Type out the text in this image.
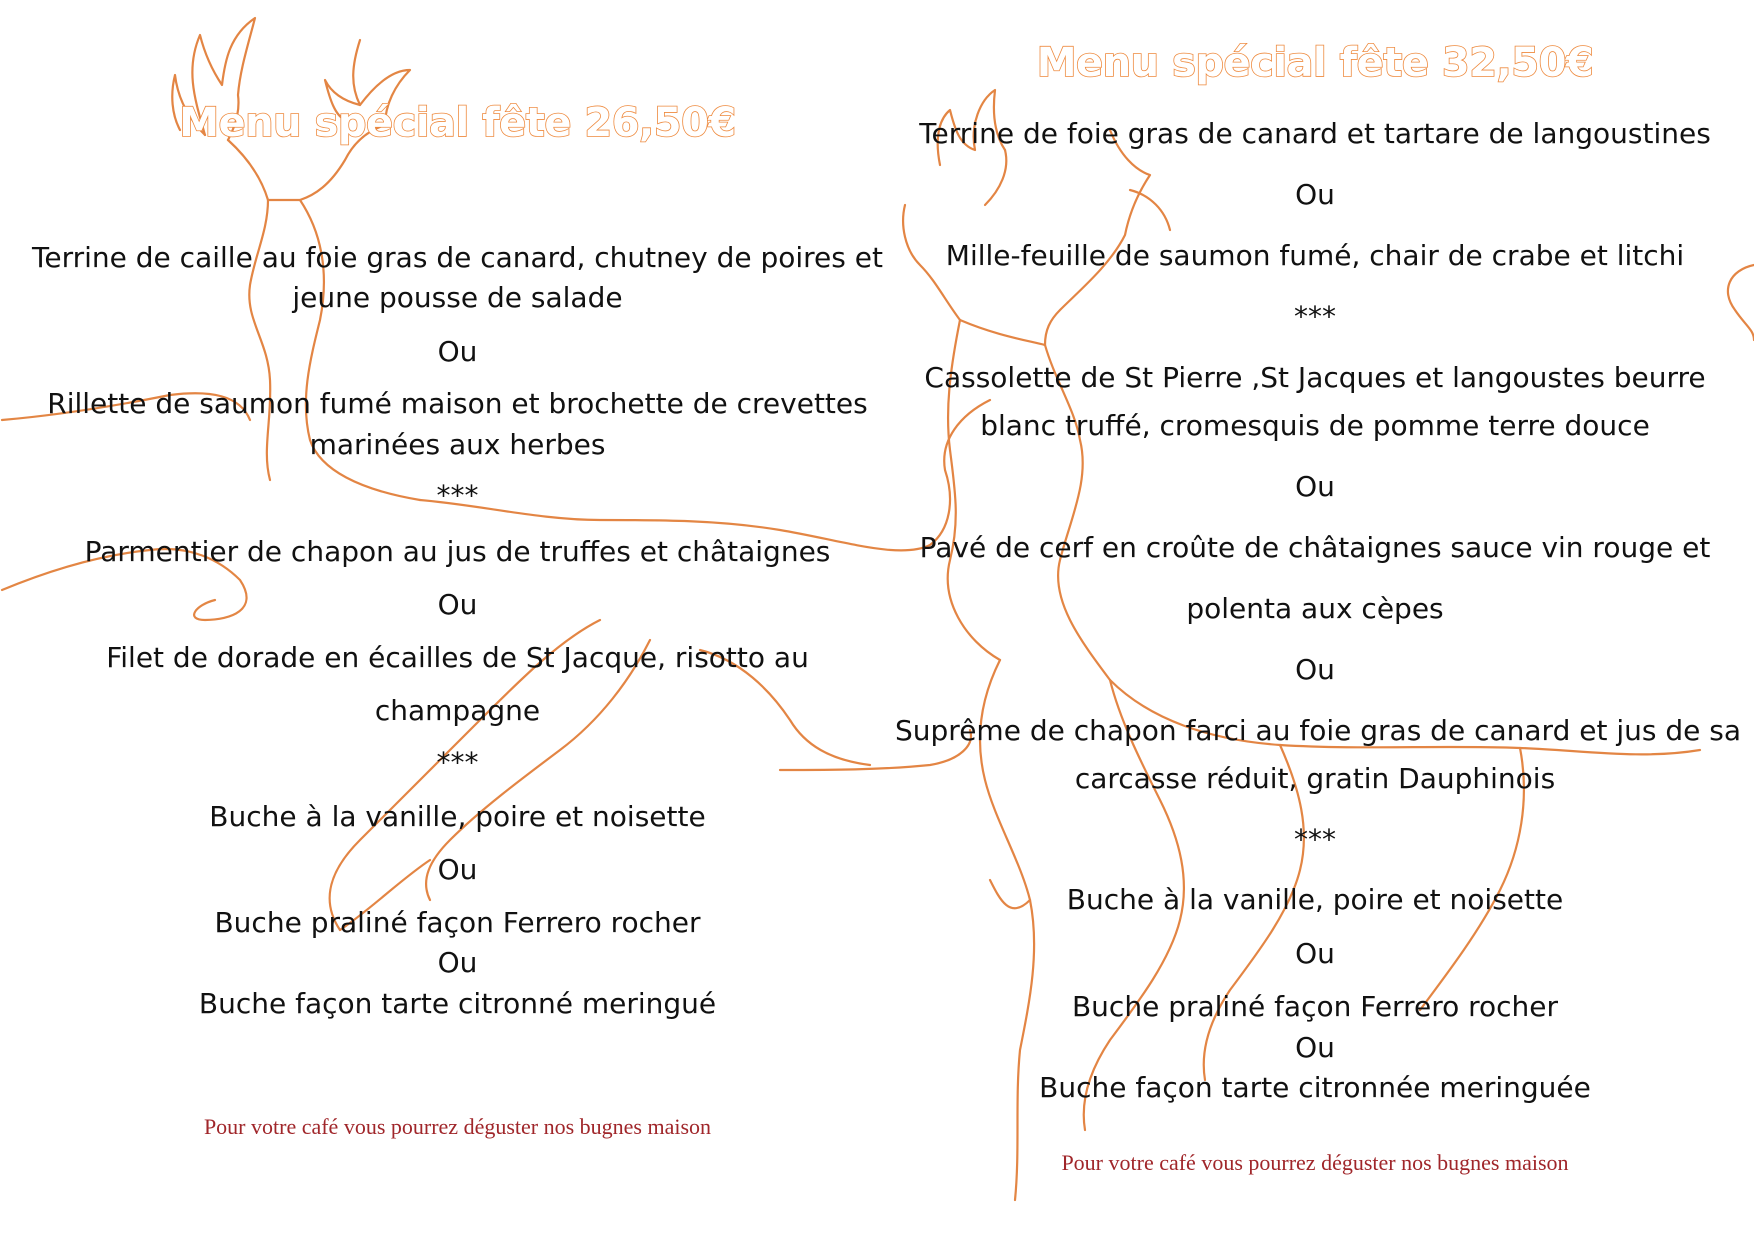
Menu spécial fête 26,50€
Terrine de caille au foie gras de canard, chutney de poires et
jeune pousse de salade
Ou
Rillette de saumon fumé maison et brochette de crevettes
marinées aux herbes
***
Parmentier de chapon au jus de truffes et châtaignes
Ou
Filet de dorade en écailles de St Jacque, risotto au
champagne
***
Buche à la vanille, poire et noisette
Ou
Buche praliné façon Ferrero rocher
Ou
Buche façon tarte citronné meringué
Pour votre café vous pourrez déguster nos bugnes maison
Menu spécial fête 32,50€
Terrine de foie gras de canard et tartare de langoustines
Ou
Mille-feuille de saumon fumé, chair de crabe et litchi
***
Cassolette de St Pierre ,St Jacques et langoustes beurre
blanc truffé, cromesquis de pomme terre douce
Ou
Pavé de cerf en croûte de châtaignes sauce vin rouge et
polenta aux cèpes
Ou
Suprême de chapon farci au foie gras de canard et jus de sa
carcasse réduit, gratin Dauphinois
***
Buche à la vanille, poire et noisette
Ou
Buche praliné façon Ferrero rocher
Ou
Buche façon tarte citronnée meringuée
Pour votre café vous pourrez déguster nos bugnes maison
